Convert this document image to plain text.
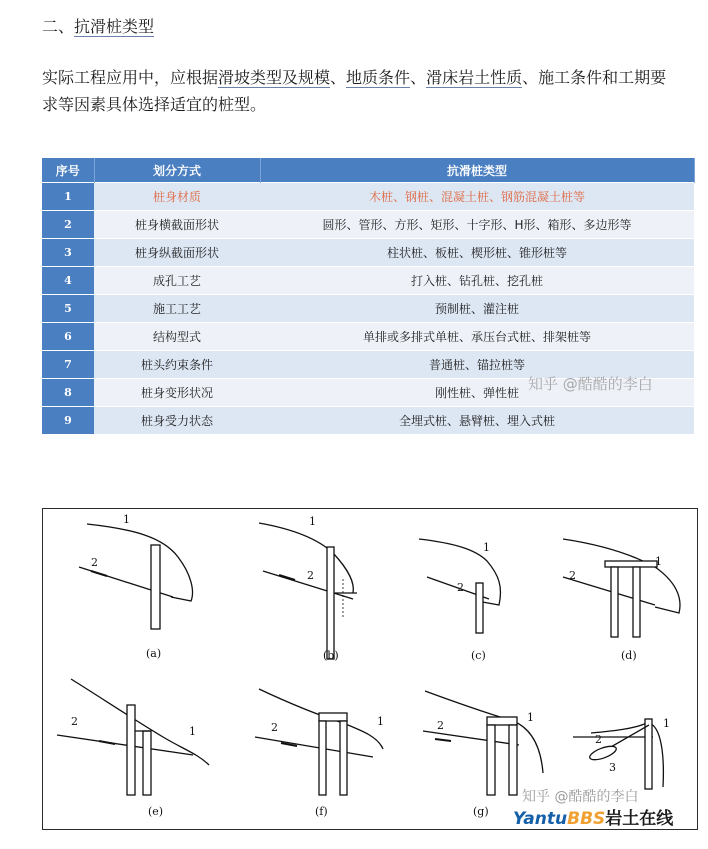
二、抗滑桩类型
实际工程应用中，应根据滑坡类型及规模、地质条件、滑床岩土性质、施工条件和工期要求等因素具体选择适宜的桩型。
序号	划分方式	抗滑桩类型
1	桩身材质	木桩、钢桩、混凝土桩、钢筋混凝土桩等
2	桩身横截面形状	圆形、管形、方形、矩形、十字形、H形、箱形、多边形等
3	桩身纵截面形状	柱状桩、板桩、楔形桩、锥形桩等
4	成孔工艺	打入桩、钻孔桩、挖孔桩
5	施工工艺	预制桩、灌注桩
6	结构型式	单排或多排式单桩、承压台式桩、排架桩等
7	桩头约束条件	普通桩、锚拉桩等
8	桩身变形状况	刚性桩、弹性桩
9	桩身受力状态	全埋式桩、悬臂桩、埋入式桩
知乎 @酷酷的李白
1
2
(a)
1
2
(b)
1
2
(c)
1
2
(d)
1
2
(e)
1
2
(f)
1
2
(g)
1
2
3
知乎 @酷酷的李白
YantuBBS岩土在线
